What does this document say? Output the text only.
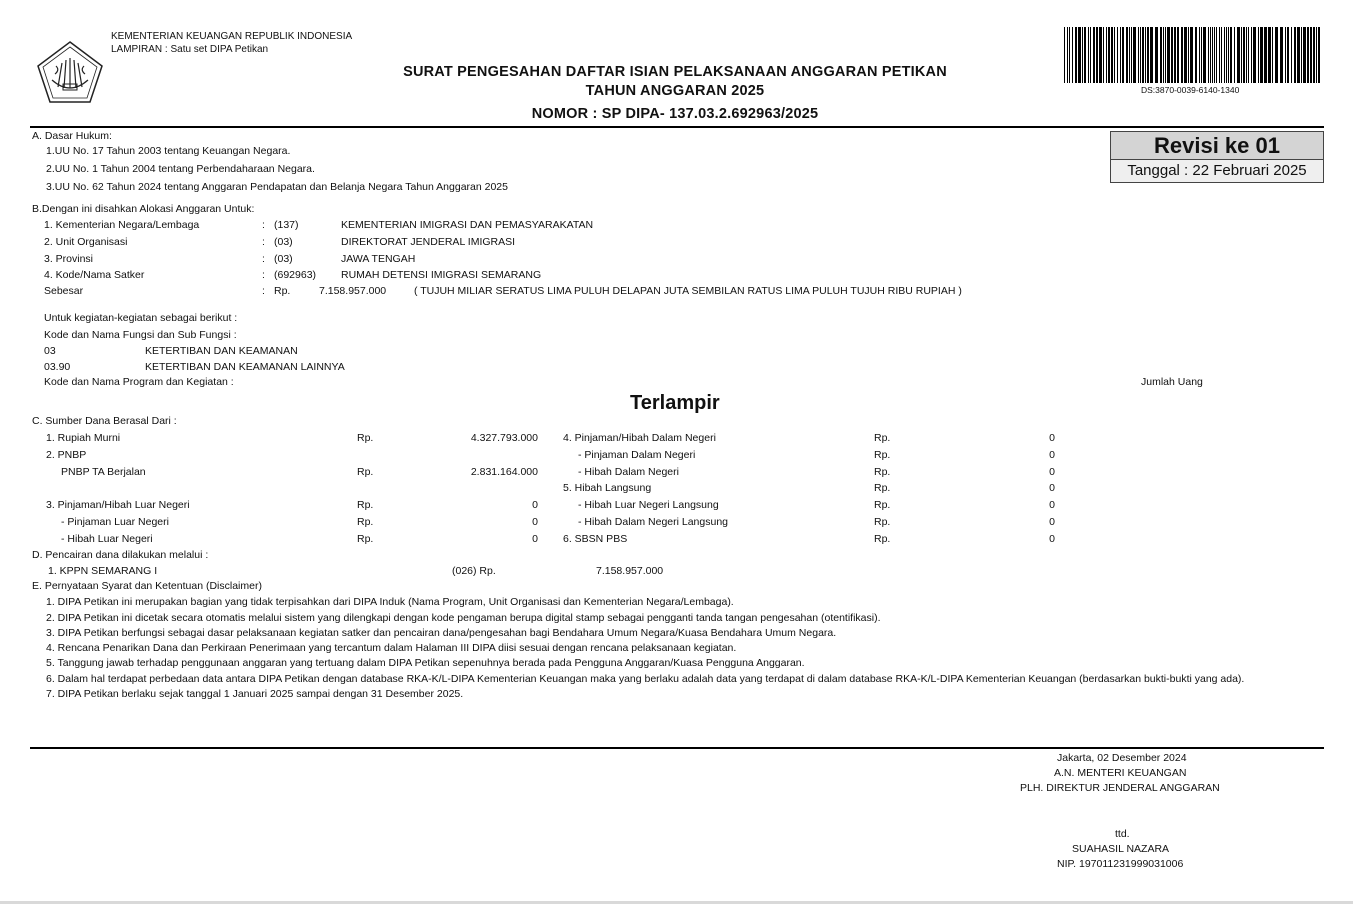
KEMENTERIAN KEUANGAN REPUBLIK INDONESIA
LAMPIRAN : Satu set DIPA Petikan
SURAT PENGESAHAN DAFTAR ISIAN PELAKSANAAN ANGGARAN PETIKAN
TAHUN ANGGARAN 2025
NOMOR : SP DIPA- 137.03.2.692963/2025
DS:3870-0039-6140-1340
Revisi ke 01
Tanggal : 22 Februari 2025
A. Dasar Hukum:
1.UU No. 17 Tahun 2003 tentang Keuangan Negara.
2.UU No. 1 Tahun 2004 tentang Perbendaharaan Negara.
3.UU No. 62 Tahun 2024 tentang Anggaran Pendapatan dan Belanja Negara Tahun Anggaran 2025
B.Dengan ini disahkan Alokasi Anggaran Untuk:
1. Kementerian Negara/Lembaga	: (137)	KEMENTERIAN IMIGRASI DAN PEMASYARAKATAN
2. Unit Organisasi	: (03)	DIREKTORAT JENDERAL IMIGRASI
3. Provinsi	: (03)	JAWA TENGAH
4. Kode/Nama Satker	: (692963) RUMAH DETENSI IMIGRASI SEMARANG
Sebesar	: Rp.	7.158.957.000	( TUJUH MILIAR SERATUS LIMA PULUH DELAPAN JUTA SEMBILAN RATUS LIMA PULUH TUJUH RIBU RUPIAH )
Untuk kegiatan-kegiatan sebagai berikut :
Kode dan Nama Fungsi dan Sub Fungsi :
03	KETERTIBAN DAN KEAMANAN
03.90	KETERTIBAN DAN KEAMANAN LAINNYA
Kode dan Nama Program dan Kegiatan :	Jumlah Uang
Terlampir
C. Sumber Dana Berasal Dari :
1. Rupiah Murni	Rp.	4.327.793.000
2. PNBP
PNBP TA Berjalan	Rp.	2.831.164.000
3. Pinjaman/Hibah Luar Negeri	Rp.	0
- Pinjaman Luar Negeri	Rp.	0
- Hibah Luar Negeri	Rp.	0
4. Pinjaman/Hibah Dalam Negeri	Rp.	0
- Pinjaman Dalam Negeri	Rp.	0
- Hibah Dalam Negeri	Rp.	0
5. Hibah Langsung	Rp.	0
- Hibah Luar Negeri Langsung	Rp.	0
- Hibah Dalam Negeri Langsung	Rp.	0
6. SBSN PBS	Rp.	0
D. Pencairan dana dilakukan melalui :
1. KPPN SEMARANG I	(026) Rp.	7.158.957.000
E. Pernyataan Syarat dan Ketentuan (Disclaimer)
1. DIPA Petikan ini merupakan bagian yang tidak terpisahkan dari DIPA Induk (Nama Program, Unit Organisasi dan Kementerian Negara/Lembaga).
2. DIPA Petikan ini dicetak secara otomatis melalui sistem yang dilengkapi dengan kode pengaman berupa digital stamp sebagai pengganti tanda tangan pengesahan (otentifikasi).
3. DIPA Petikan berfungsi sebagai dasar pelaksanaan kegiatan satker dan pencairan dana/pengesahan bagi Bendahara Umum Negara/Kuasa Bendahara Umum Negara.
4. Rencana Penarikan Dana dan Perkiraan Penerimaan yang tercantum dalam Halaman III DIPA diisi sesuai dengan rencana pelaksanaan kegiatan.
5. Tanggung jawab terhadap penggunaan anggaran yang tertuang dalam DIPA Petikan sepenuhnya berada pada Pengguna Anggaran/Kuasa Pengguna Anggaran.
6. Dalam hal terdapat perbedaan data antara DIPA Petikan dengan database RKA-K/L-DIPA Kementerian Keuangan maka yang berlaku adalah data yang terdapat di dalam database RKA-K/L-DIPA Kementerian Keuangan (berdasarkan bukti-bukti yang ada).
7. DIPA Petikan berlaku sejak tanggal 1 Januari 2025 sampai dengan 31 Desember 2025.
Jakarta, 02 Desember 2024
A.N. MENTERI KEUANGAN
PLH. DIREKTUR JENDERAL ANGGARAN
ttd.
SUAHASIL NAZARA
NIP. 197011231999031006
